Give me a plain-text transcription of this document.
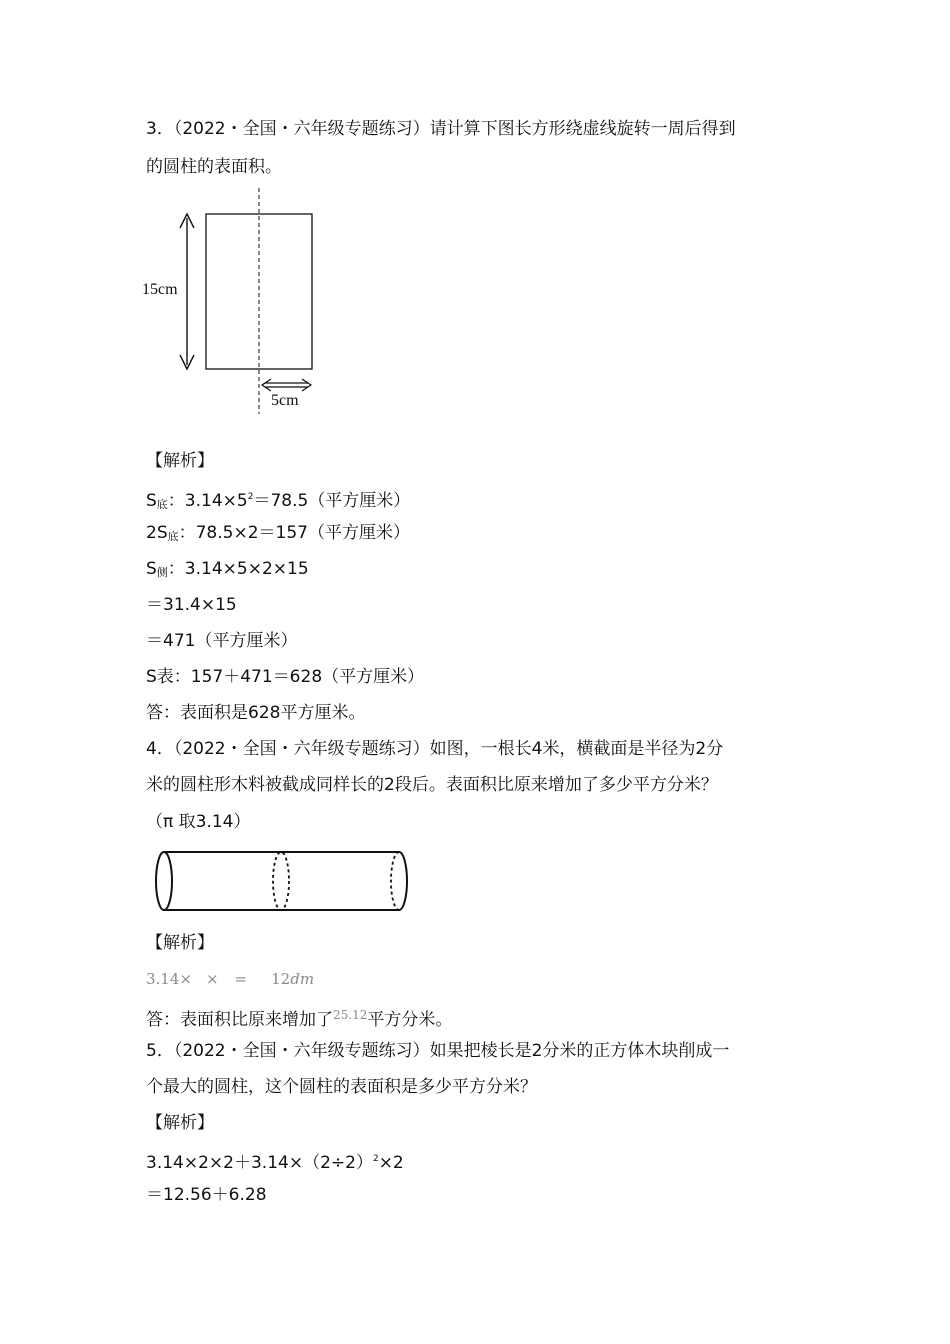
3．（2022・全国・六年级专题练习）请计算下图长方形绕虚线旋转一周后得到
的圆柱的表面积。
15cm
5cm
【解析】
S底：$3.14\times 5^2=78.5$（平方厘米）
2S底：78.5×2＝157（平方厘米）
S侧：3.14×5×2×15
＝31.4×15
＝471（平方厘米）
S表：157＋471＝628（平方厘米）
答：表面积是628平方厘米。
4．（2022・全国・六年级专题练习）如图，一根长4米，横截面是半径为2分
米的圆柱形木料被截成同样长的2段后。表面积比原来增加了多少平方分米？
（π 取3.14）
【解析】
3.14× × = 12dm
答：表面积比原来增加了$^{25.12}$平方分米。
5．（2022・全国・六年级专题练习）如果把棱长是2分米的正方体木块削成一
个最大的圆柱，这个圆柱的表面积是多少平方分米？
【解析】
$3.14\times 2\times 2+3.14\times(2\div 2)^2\times 2$
＝12.56＋6.28
